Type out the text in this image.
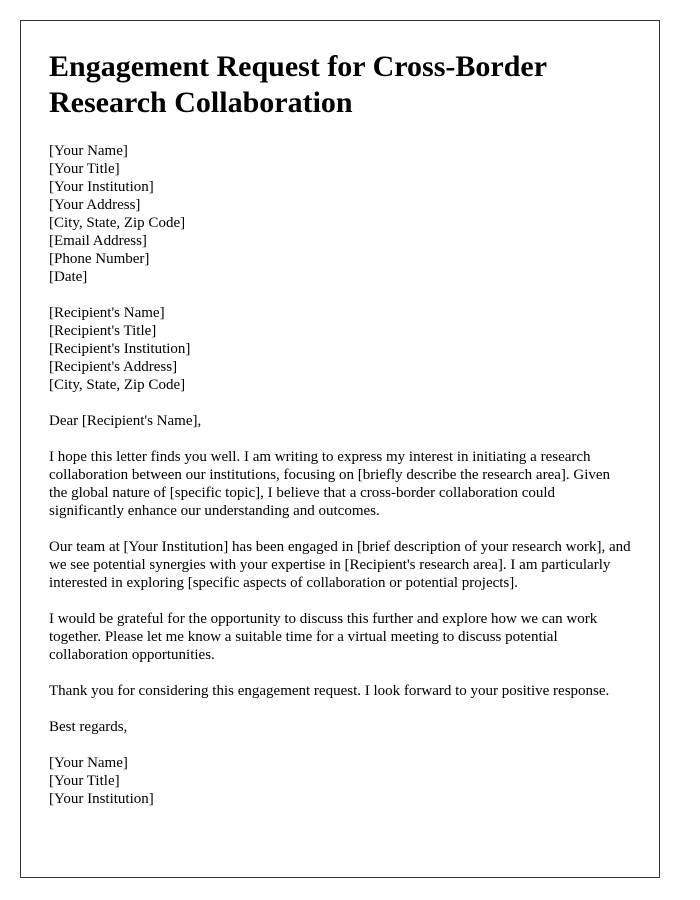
Engagement Request for Cross-Border Research Collaboration
[Your Name]
[Your Title]
[Your Institution]
[Your Address]
[City, State, Zip Code]
[Email Address]
[Phone Number]
[Date]
[Recipient's Name]
[Recipient's Title]
[Recipient's Institution]
[Recipient's Address]
[City, State, Zip Code]

Dear [Recipient's Name],

I hope this letter finds you well. I am writing to express my interest in initiating a research collaboration between our institutions, focusing on [briefly describe the research area]. Given the global nature of [specific topic], I believe that a cross-border collaboration could significantly enhance our understanding and outcomes.

Our team at [Your Institution] has been engaged in [brief description of your research work], and we see potential synergies with your expertise in [Recipient's research area]. I am particularly interested in exploring [specific aspects of collaboration or potential projects].

I would be grateful for the opportunity to discuss this further and explore how we can work together. Please let me know a suitable time for a virtual meeting to discuss potential collaboration opportunities.

Thank you for considering this engagement request. I look forward to your positive response.

Best regards,

[Your Name]
[Your Title]
[Your Institution]
